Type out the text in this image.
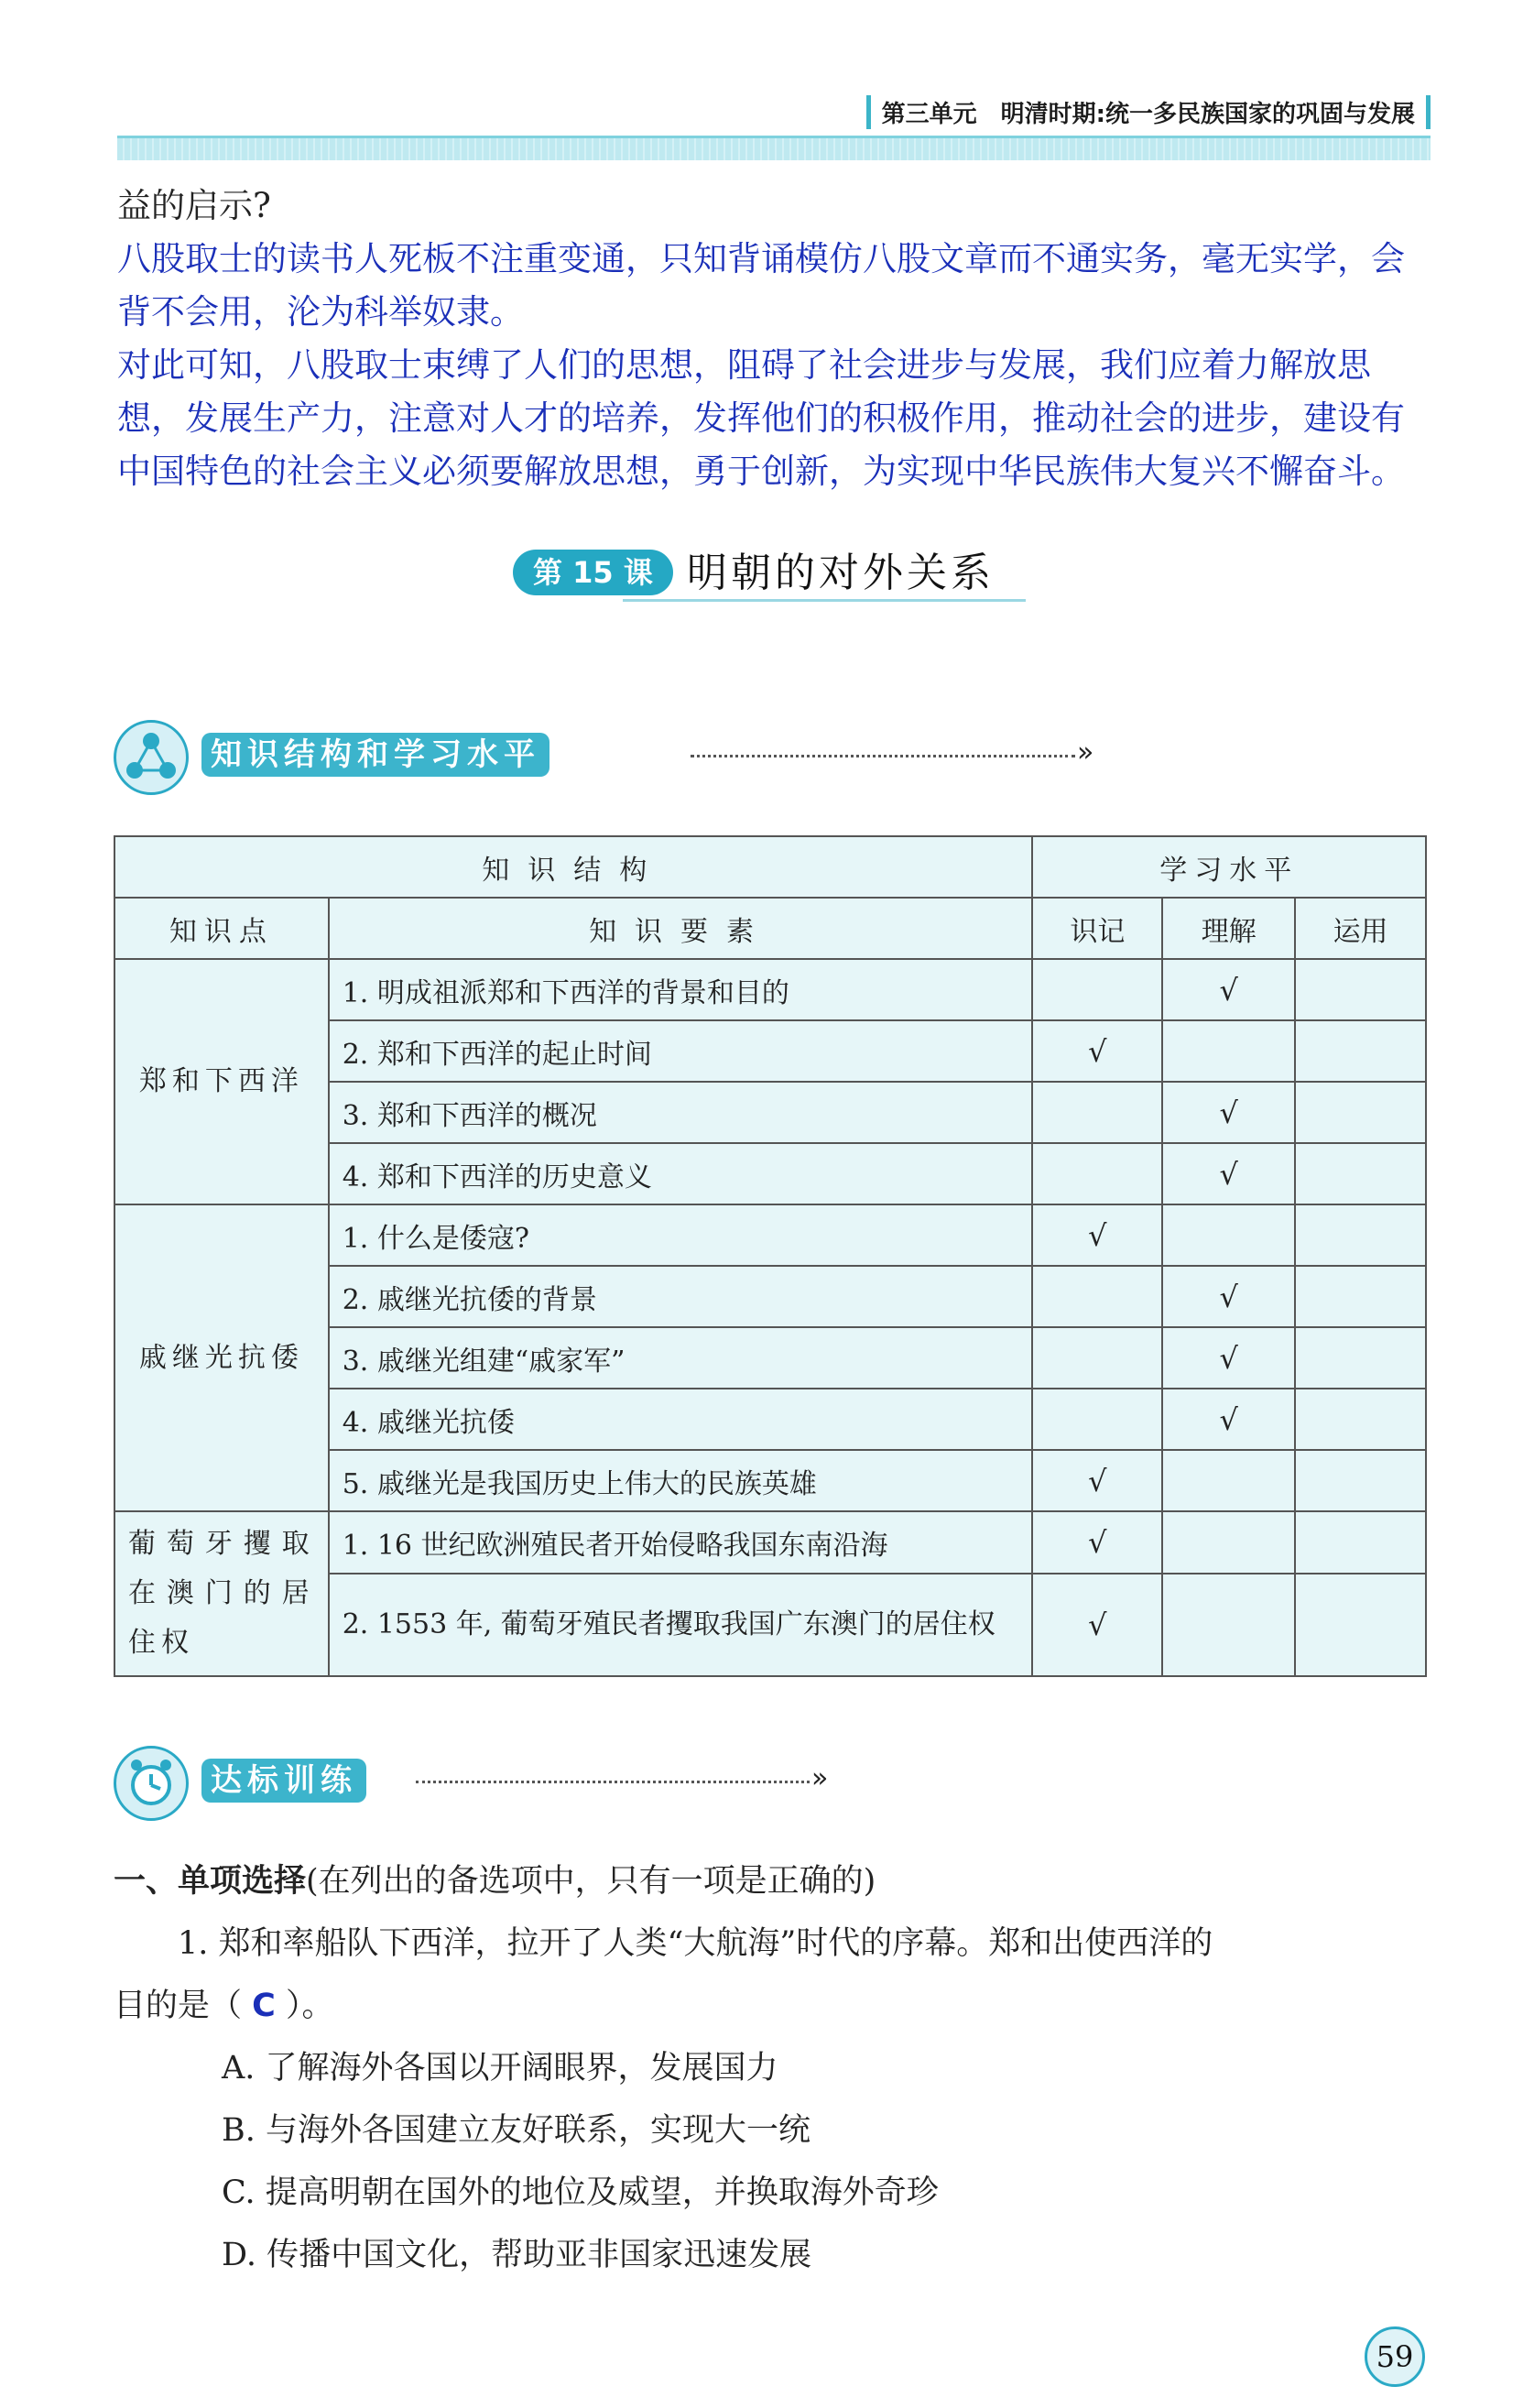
第三单元　明清时期:统一多民族国家的巩固与发展

益的启示?

八股取士的读书人死板不注重变通，只知背诵模仿八股文章而不通实务，毫无实学，会背不会用，沦为科举奴隶。

对此可知，八股取士束缚了人们的思想，阻碍了社会进步与发展，我们应着力解放思想，发展生产力，注意对人才的培养，发挥他们的积极作用，推动社会的进步，建设有中国特色的社会主义必须要解放思想，勇于创新，为实现中华民族伟大复兴不懈奋斗。

第 15 课 明朝的对外关系
知识结构和学习水平	»
知识结构		学习水平		
知识点	知识要素	识记	理解	运用
郑和下西洋	1. 明成祖派郑和下西洋的背景和目的		√	
	2. 郑和下西洋的起止时间	√		
	3. 郑和下西洋的概况		√	
	4. 郑和下西洋的历史意义		√	
戚继光抗倭	1. 什么是倭寇?	√		
	2. 戚继光抗倭的背景		√	
	3. 戚继光组建“戚家军”		√	
	4. 戚继光抗倭		√	
	5. 戚继光是我国历史上伟大的民族英雄	√		
葡萄牙攫取在澳门的居住权	1. 16 世纪欧洲殖民者开始侵略我国东南沿海	√		
	2. 1553 年, 葡萄牙殖民者攫取我国广东澳门的居住权	√		
达标训练	»

一、单项选择(在列出的备选项中，只有一项是正确的)

1. 郑和率船队下西洋，拉开了人类“大航海”时代的序幕。郑和出使西洋的

目的是（ C ）。

A. 了解海外各国以开阔眼界，发展国力

B. 与海外各国建立友好联系，实现大一统

C. 提高明朝在国外的地位及威望，并换取海外奇珍

D. 传播中国文化，帮助亚非国家迅速发展

59
